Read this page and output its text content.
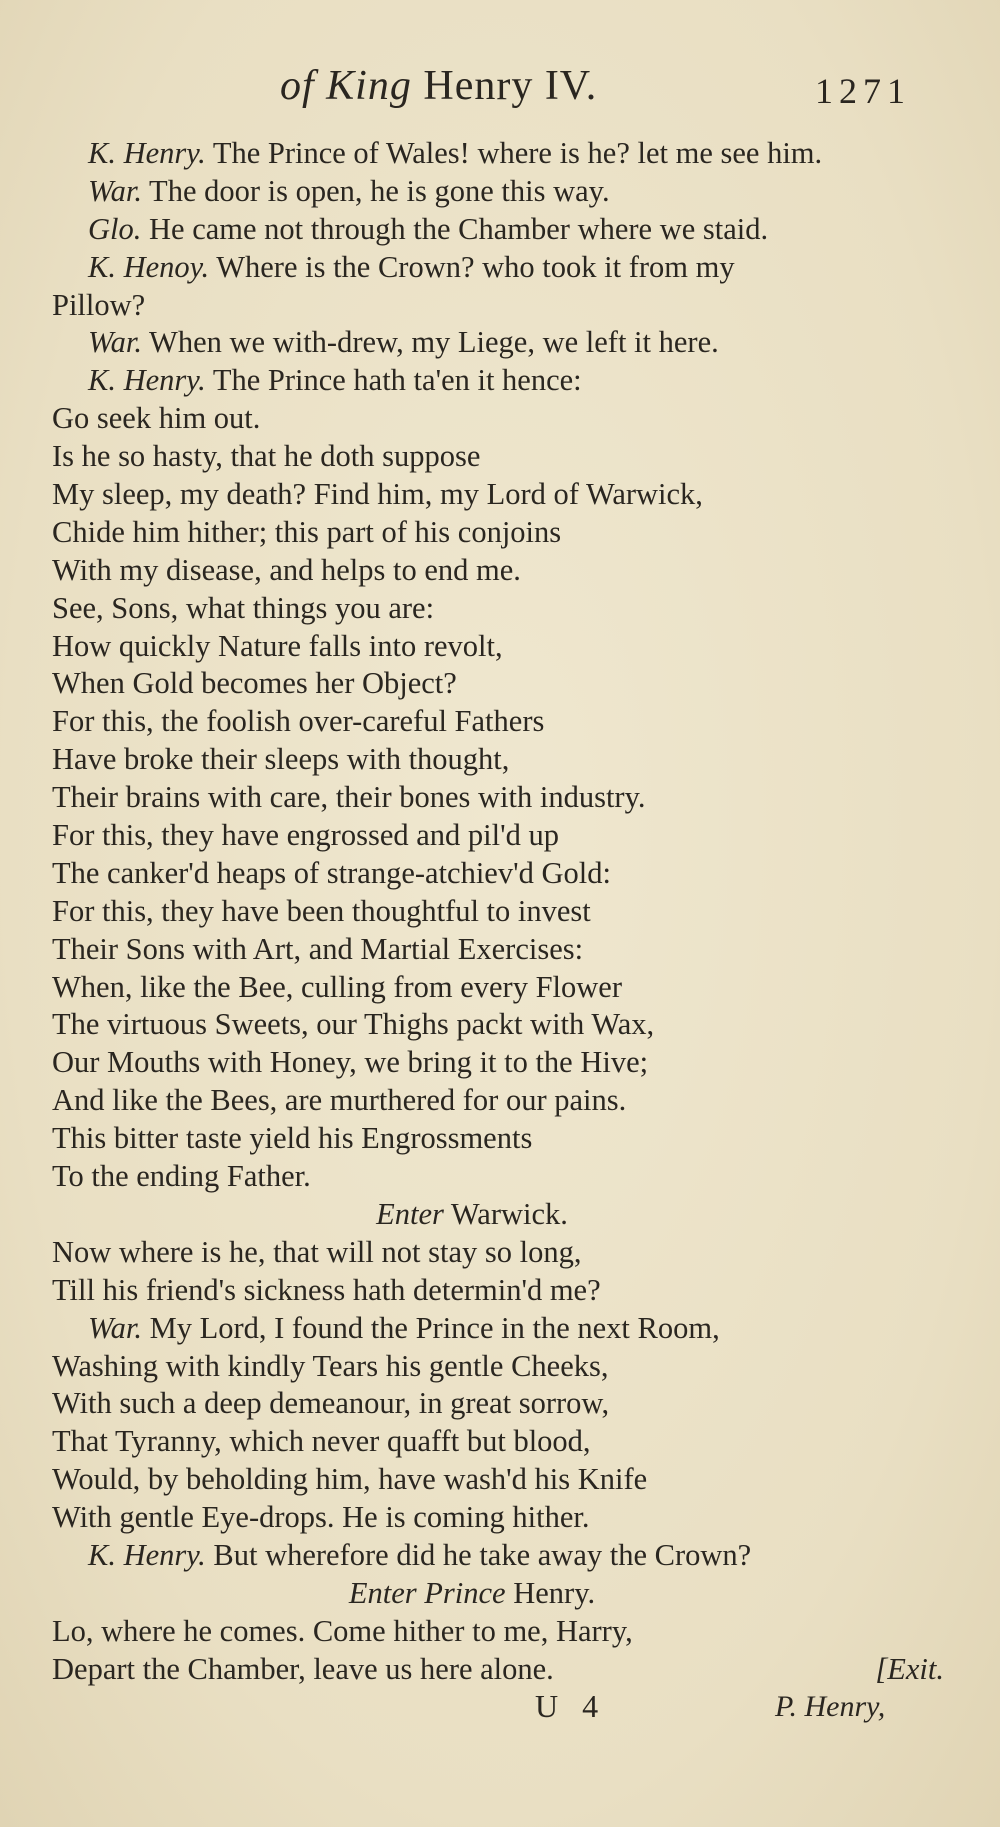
of King Henry IV.	1271
K. Henry. The Prince of Wales! where is he? let me see him.
War. The door is open, he is gone this way.
Glo. He came not through the Chamber where we staid.
K. Henoy. Where is the Crown? who took it from my
Pillow?
War. When we with-drew, my Liege, we left it here.
K. Henry. The Prince hath ta'en it hence:
Go seek him out.
Is he so hasty, that he doth suppose
My sleep, my death? Find him, my Lord of Warwick,
Chide him hither; this part of his conjoins
With my disease, and helps to end me.
See, Sons, what things you are:
How quickly Nature falls into revolt,
When Gold becomes her Object?
For this, the foolish over-careful Fathers
Have broke their sleeps with thought,
Their brains with care, their bones with industry.
For this, they have engrossed and pil'd up
The canker'd heaps of strange-atchiev'd Gold:
For this, they have been thoughtful to invest
Their Sons with Art, and Martial Exercises:
When, like the Bee, culling from every Flower
The virtuous Sweets, our Thighs packt with Wax,
Our Mouths with Honey, we bring it to the Hive;
And like the Bees, are murthered for our pains.
This bitter taste yield his Engrossments
To the ending Father.
Enter Warwick.
Now where is he, that will not stay so long,
Till his friend's sickness hath determin'd me?
War. My Lord, I found the Prince in the next Room,
Washing with kindly Tears his gentle Cheeks,
With such a deep demeanour, in great sorrow,
That Tyranny, which never quafft but blood,
Would, by beholding him, have wash'd his Knife
With gentle Eye-drops. He is coming hither.
K. Henry. But wherefore did he take away the Crown?
Enter Prince Henry.
Lo, where he comes. Come hither to me, Harry,
Depart the Chamber, leave us here alone.	[Exit.
U 4	P. Henry,
